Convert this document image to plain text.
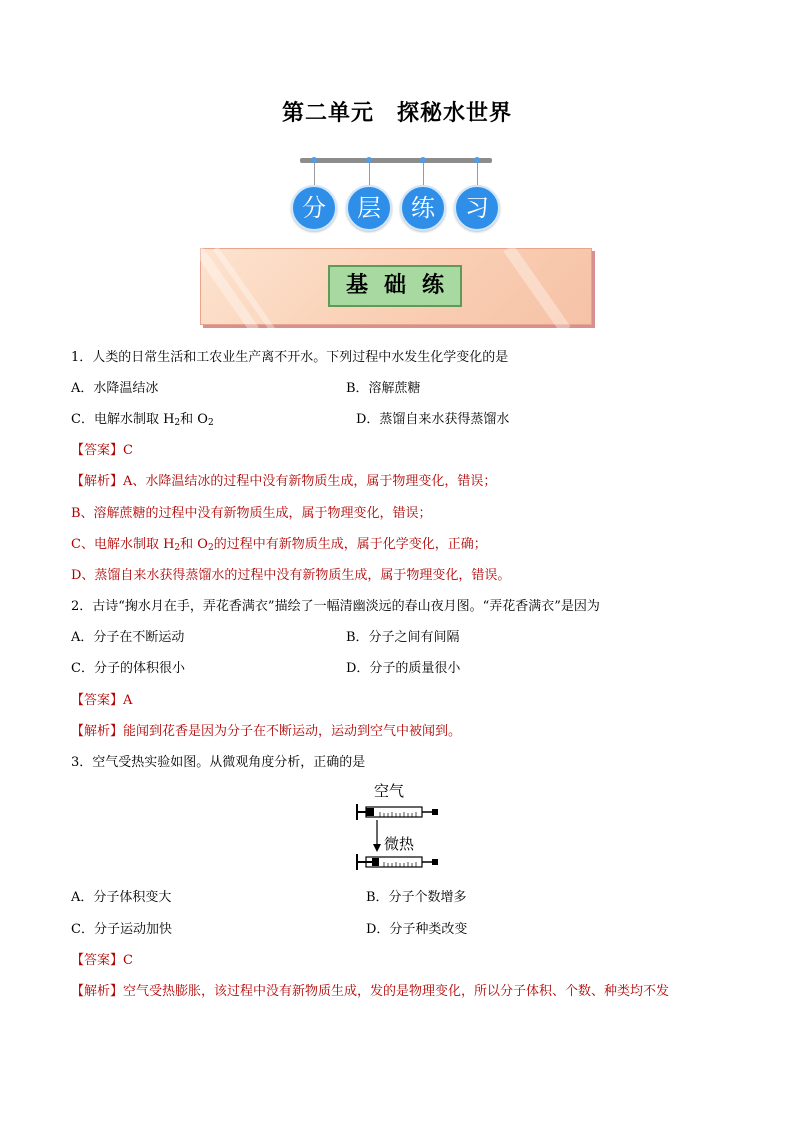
第二单元　探秘水世界
分	层	练	习
基础练
1．人类的日常生活和工农业生产离不开水。下列过程中水发生化学变化的是
A．水降温结冰	B．溶解蔗糖
C．电解水制取 $H_2$和 $O_2$	D．蒸馏自来水获得蒸馏水
【答案】C
【解析】A、水降温结冰的过程中没有新物质生成，属于物理变化，错误；
B、溶解蔗糖的过程中没有新物质生成，属于物理变化，错误；
C、电解水制取 $H_2$和 $O_2$的过程中有新物质生成，属于化学变化，正确；
D、蒸馏自来水获得蒸馏水的过程中没有新物质生成，属于物理变化，错误。
2．古诗“掬水月在手，弄花香满衣”描绘了一幅清幽淡远的春山夜月图。“弄花香满衣”是因为
A．分子在不断运动	B．分子之间有间隔
C．分子的体积很小	D．分子的质量很小
【答案】A
【解析】能闻到花香是因为分子在不断运动，运动到空气中被闻到。
3．空气受热实验如图。从微观角度分析，正确的是
空气
微热
A．分子体积变大	B．分子个数增多
C．分子运动加快	D．分子种类改变
【答案】C
【解析】空气受热膨胀，该过程中没有新物质生成，发的是物理变化，所以分子体积、个数、种类均不发
